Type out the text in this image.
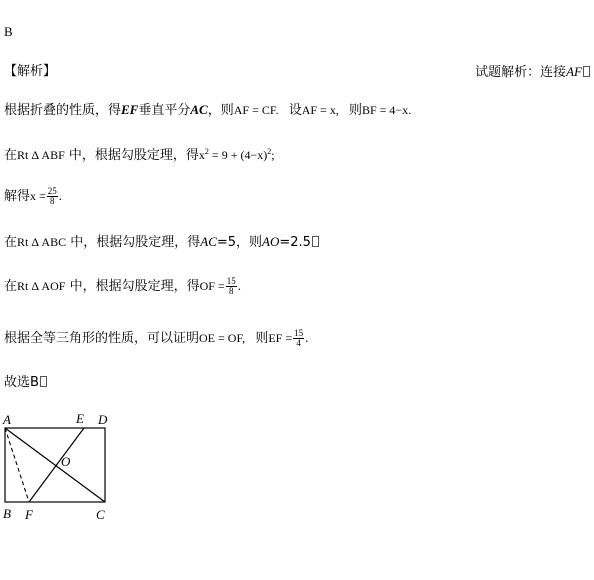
B
【解析】	试题解析：连接AF
根据折叠的性质，得EF垂直平分AC，则AF = CF. 设AF = x, 则BF = 4−x.
在Rt Δ ABF 中，根据勾股定理，得$x^2 = 9 + (4-x)^2$;
解得$x = \frac{25}{8}$ .
在Rt Δ ABC 中，根据勾股定理，得AC=5，则AO=2.5
在Rt Δ AOF 中，根据勾股定理，得OF = $\frac{15}{8}$ .
根据全等三角形的性质，可以证明OE = OF, 则EF = $\frac{15}{4}$ .
故选B
A	E D
O
B F	C
